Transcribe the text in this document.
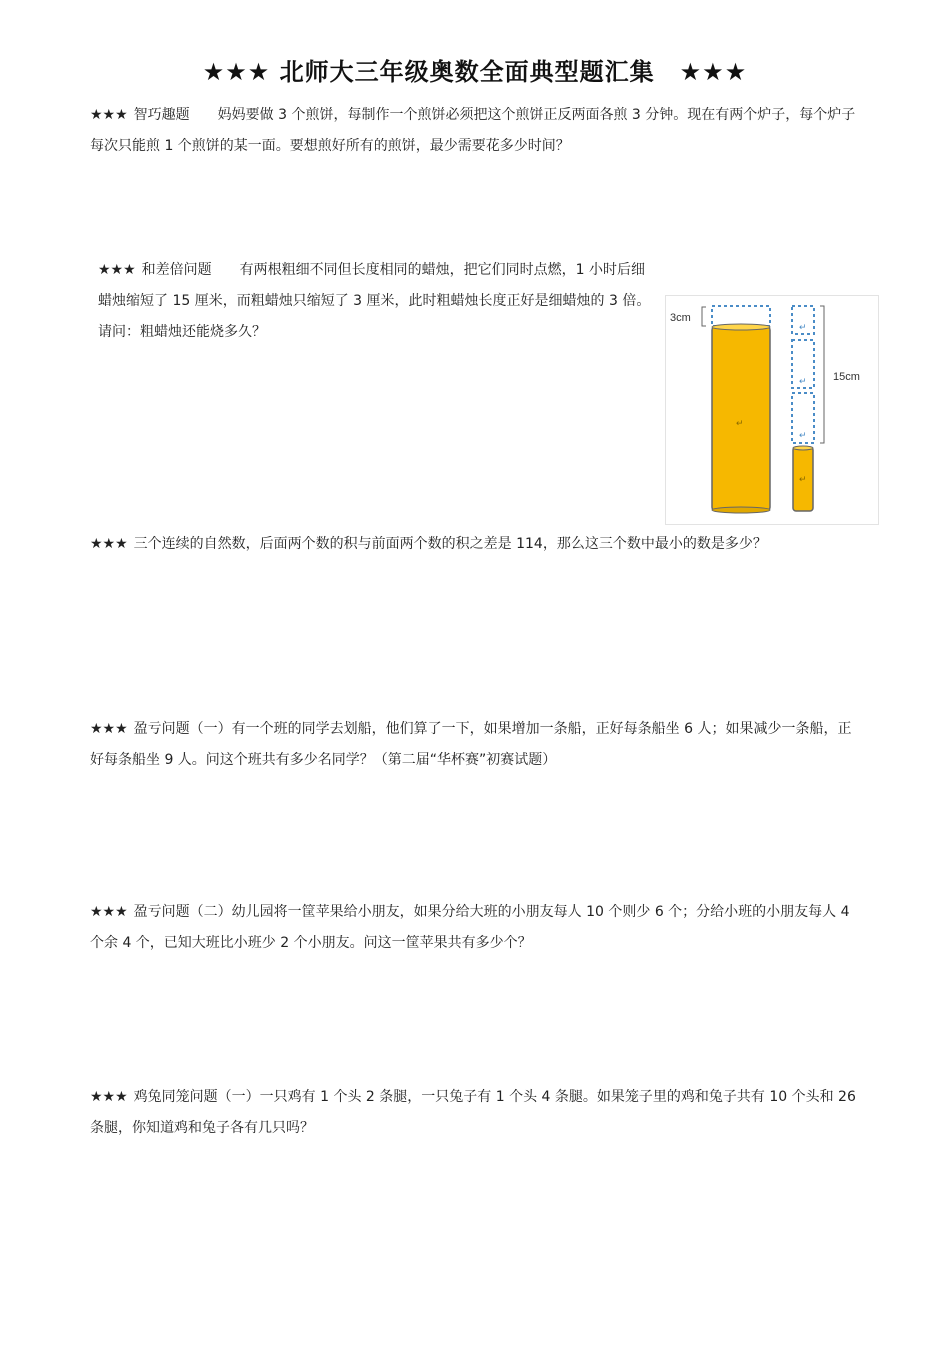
★★★ 北师大三年级奥数全面典型题汇集　★★★
★★★ 智巧趣题　　妈妈要做 3 个煎饼，每制作一个煎饼必须把这个煎饼正反两面各煎 3 分钟。现在有两个炉子，每个炉子每次只能煎 1 个煎饼的某一面。要想煎好所有的煎饼，最少需要花多少时间？
★★★ 和差倍问题　　有两根粗细不同但长度相同的蜡烛，把它们同时点燃，1 小时后细蜡烛缩短了 15 厘米，而粗蜡烛只缩短了 3 厘米，此时粗蜡烛长度正好是细蜡烛的 3 倍。请问：粗蜡烛还能烧多久？
3cm
↵
↵
↵
↵
↵
15cm
★★★ 三个连续的自然数，后面两个数的积与前面两个数的积之差是 114，那么这三个数中最小的数是多少？
★★★ 盈亏问题（一）有一个班的同学去划船，他们算了一下，如果增加一条船，正好每条船坐 6 人；如果减少一条船，正好每条船坐 9 人。问这个班共有多少名同学？（第二届“华杯赛”初赛试题）
★★★ 盈亏问题（二）幼儿园将一筐苹果给小朋友，如果分给大班的小朋友每人 10 个则少 6 个；分给小班的小朋友每人 4 个余 4 个，已知大班比小班少 2 个小朋友。问这一筐苹果共有多少个？
★★★ 鸡兔同笼问题（一）一只鸡有 1 个头 2 条腿，一只兔子有 1 个头 4 条腿。如果笼子里的鸡和兔子共有 10 个头和 26 条腿，你知道鸡和兔子各有几只吗？
